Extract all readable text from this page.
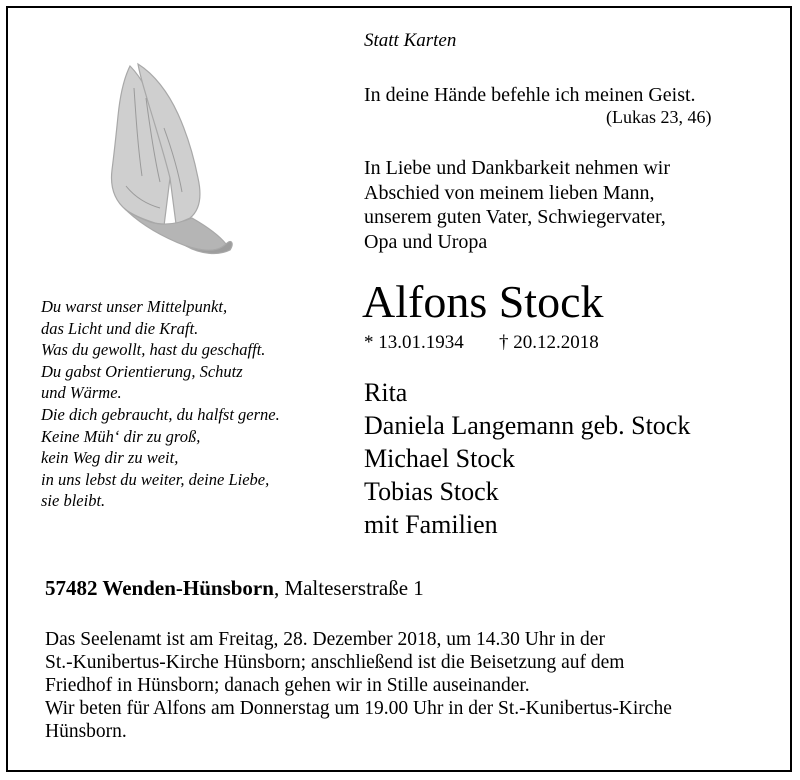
Statt Karten

In deine Hände befehle ich meinen Geist.

(Lukas 23, 46)

In Liebe und Dankbarkeit nehmen wir
Abschied von meinem lieben Mann,
unserem guten Vater, Schwiegervater,
Opa und Uropa

Alfons Stock

* 13.01.1934 † 20.12.2018

Rita
Daniela Langemann geb. Stock
Michael Stock
Tobias Stock
mit Familien
Du warst unser Mittelpunkt,
das Licht und die Kraft.
Was du gewollt, hast du geschafft.
Du gabst Orientierung, Schutz
und Wärme.
Die dich gebraucht, du halfst gerne.
Keine Müh‘ dir zu groß,
kein Weg dir zu weit,
in uns lebst du weiter, deine Liebe,
sie bleibt.

57482 Wenden-Hünsborn, Malteserstraße 1

Das Seelenamt ist am Freitag, 28. Dezember 2018, um 14.30 Uhr in der
St.-Kunibertus-Kirche Hünsborn; anschließend ist die Beisetzung auf dem
Friedhof in Hünsborn; danach gehen wir in Stille auseinander.
Wir beten für Alfons am Donnerstag um 19.00 Uhr in der St.-Kunibertus-Kirche
Hünsborn.
